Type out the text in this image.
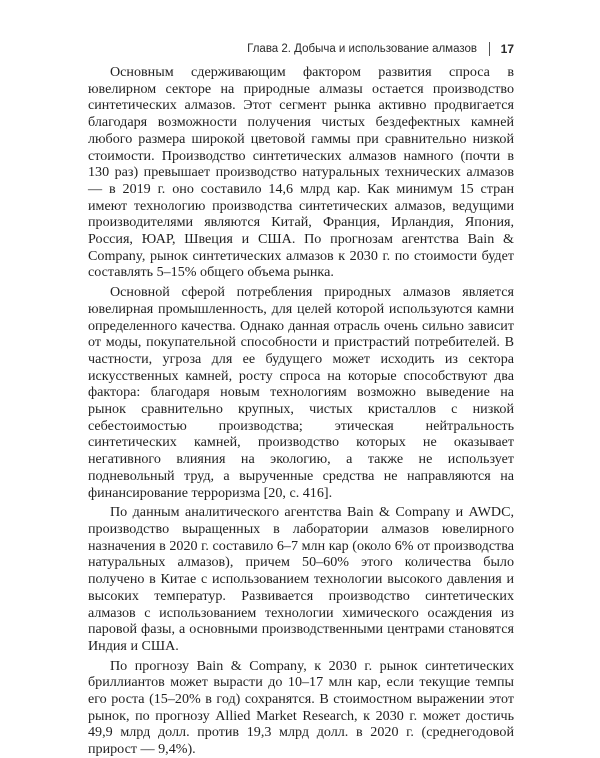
Глава 2. Добыча и использование алмазов 17

Основным сдерживающим фактором развития спроса в ювелирном секторе на природные алмазы остается производство синтетических алмазов. Этот сегмент рынка активно продвигается благодаря возможности получения чистых бездефектных камней любого размера широкой цветовой гаммы при сравнительно низкой стоимости. Производство синтетических алмазов намного (почти в 130 раз) превышает производство натуральных технических алмазов — в 2019 г. оно составило 14,6 млрд кар. Как минимум 15 стран имеют технологию производства синтетических алмазов, ведущими производителями являются Китай, Франция, Ирландия, Япония, Россия, ЮАР, Швеция и США. По прогнозам агентства Bain & Company, рынок синтетических алмазов к 2030 г. по стоимости будет составлять 5–15% общего объема рынка.

Основной сферой потребления природных алмазов является ювелирная промышленность, для целей которой используются камни определенного качества. Однако данная отрасль очень сильно зависит от моды, покупательной способности и пристрастий потребителей. В частности, угроза для ее будущего может исходить из сектора искусственных камней, росту спроса на которые способствуют два фактора: благодаря новым технологиям возможно выведение на рынок сравнительно крупных, чистых кристаллов с низкой себестоимостью производства; этическая нейтральность синтетических камней, производство которых не оказывает негативного влияния на экологию, а также не использует подневольный труд, а вырученные средства не направляются на финансирование терроризма [20, с. 416].

По данным аналитического агентства Bain & Company и AWDC, производство выращенных в лаборатории алмазов ювелирного назначения в 2020 г. составило 6–7 млн кар (около 6% от производства натуральных алмазов), причем 50–60% этого количества было получено в Китае с использованием технологии высокого давления и высоких температур. Развивается производство синтетических алмазов с использованием технологии химического осаждения из паровой фазы, а основными производственными центрами становятся Индия и США.

По прогнозу Bain & Company, к 2030 г. рынок синтетических бриллиантов может вырасти до 10–17 млн кар, если текущие темпы его роста (15–20% в год) сохранятся. В стоимостном выражении этот рынок, по прогнозу Allied Market Research, к 2030 г. может достичь 49,9 млрд долл. против 19,3 млрд долл. в 2020 г. (среднегодовой прирост — 9,4%).
